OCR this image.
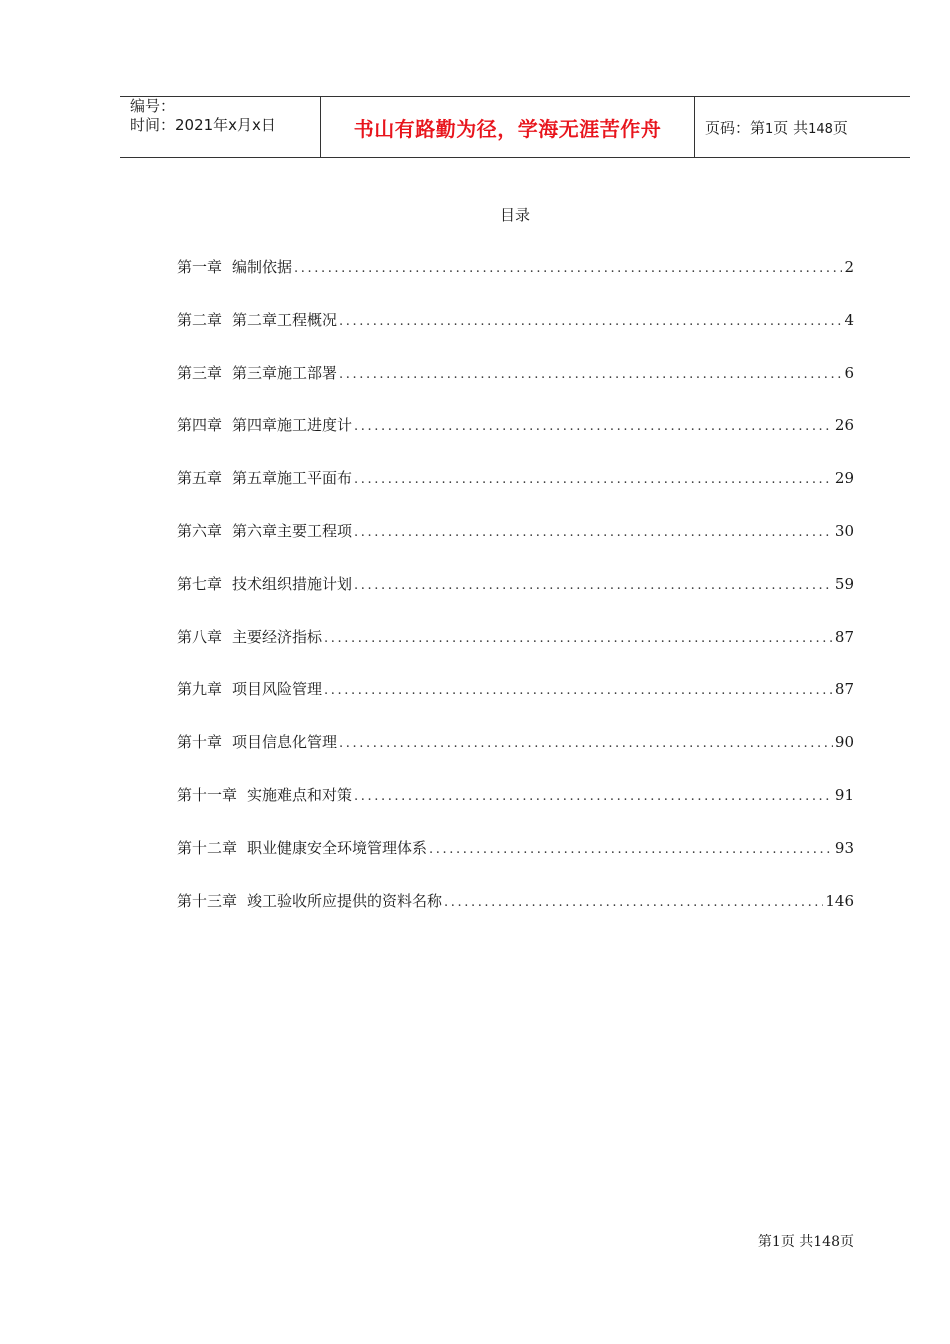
编号：
时间：2021年x月x日	书山有路勤为径，学海无涯苦作舟	页码：第1页 共148页
目录
第一章 编制依据 .....	2
第二章 第二章工程概况 .....	4
第三章 第三章施工部署 .....	6
第四章 第四章施工进度计 .....	26
第五章 第五章施工平面布 .....	29
第六章 第六章主要工程项 .....	30
第七章 技术组织措施计划 .....	59
第八章 主要经济指标 .....	87
第九章 项目风险管理 .....	87
第十章 项目信息化管理 .....	90
第十一章 实施难点和对策 .....	91
第十二章 职业健康安全环境管理体系 .....	93
第十三章 竣工验收所应提供的资料名称 .....	146
第1页 共148页
